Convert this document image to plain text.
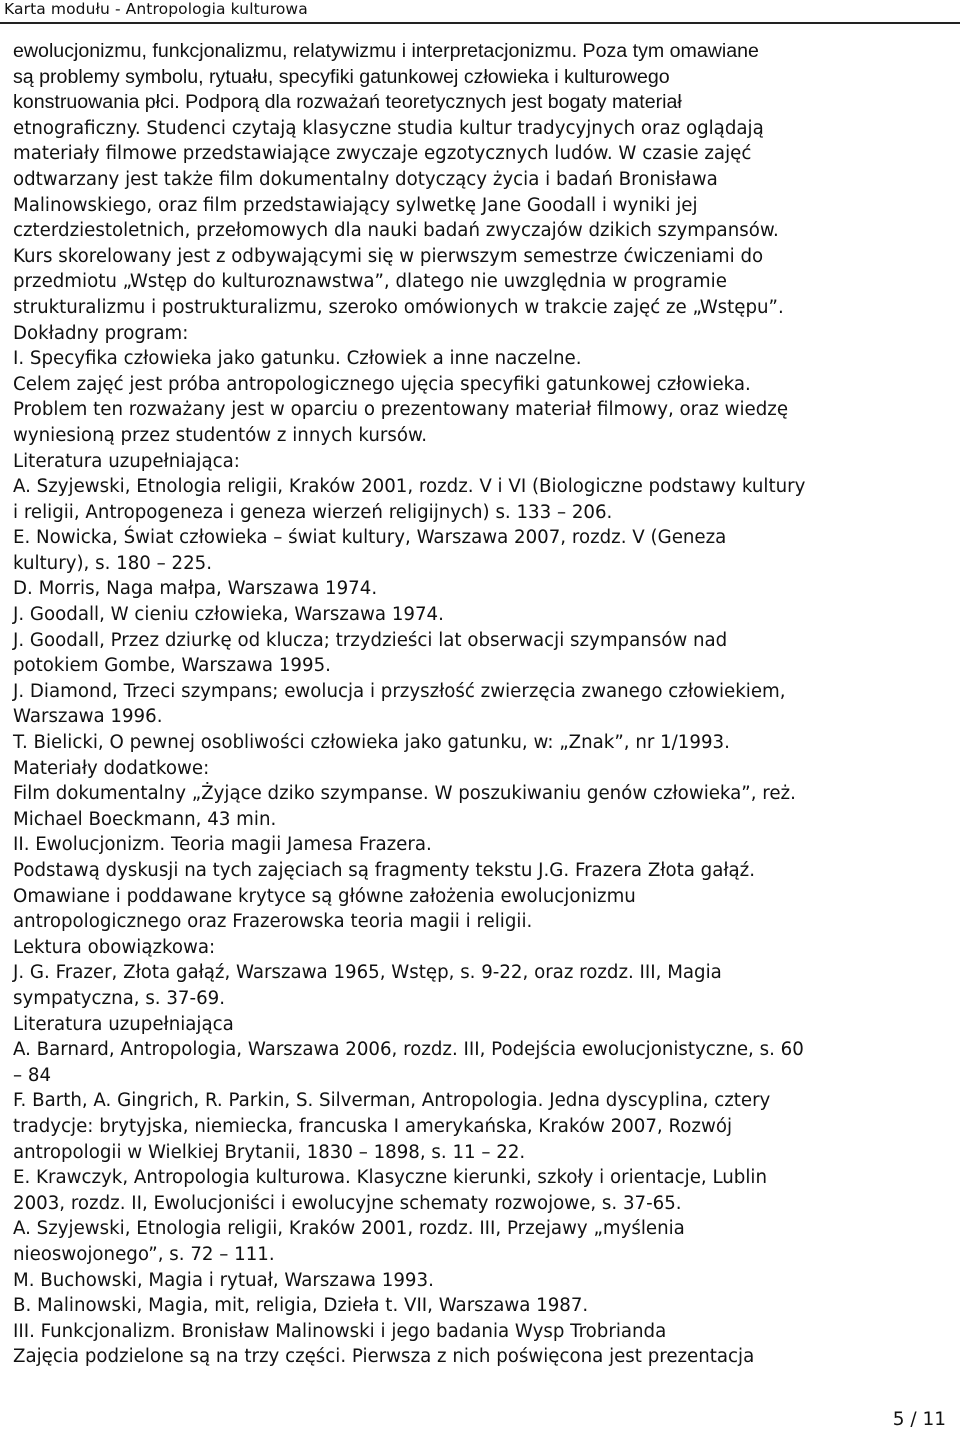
Karta modułu - Antropologia kulturowa
ewolucjonizmu, funkcjonalizmu, relatywizmu i interpretacjonizmu. Poza tym omawiane
są problemy symbolu, rytuału, specyfiki gatunkowej człowieka i kulturowego
konstruowania płci. Podporą dla rozważań teoretycznych jest bogaty materiał
etnograficzny. Studenci czytają klasyczne studia kultur tradycyjnych oraz oglądają
materiały filmowe przedstawiające zwyczaje egzotycznych ludów. W czasie zajęć
odtwarzany jest także film dokumentalny dotyczący życia i badań Bronisława
Malinowskiego, oraz film przedstawiający sylwetkę Jane Goodall i wyniki jej
czterdziestoletnich, przełomowych dla nauki badań zwyczajów dzikich szympansów.
Kurs skorelowany jest z odbywającymi się w pierwszym semestrze ćwiczeniami do
przedmiotu „Wstęp do kulturoznawstwa”, dlatego nie uwzględnia w programie
strukturalizmu i postrukturalizmu, szeroko omówionych w trakcie zajęć ze „Wstępu”.
Dokładny program:
I. Specyfika człowieka jako gatunku. Człowiek a inne naczelne.
Celem zajęć jest próba antropologicznego ujęcia specyfiki gatunkowej człowieka.
Problem ten rozważany jest w oparciu o prezentowany materiał filmowy, oraz wiedzę
wyniesioną przez studentów z innych kursów.
Literatura uzupełniająca:
A. Szyjewski, Etnologia religii, Kraków 2001, rozdz. V i VI (Biologiczne podstawy kultury
i religii, Antropogeneza i geneza wierzeń religijnych) s. 133 – 206.
E. Nowicka, Świat człowieka – świat kultury, Warszawa 2007, rozdz. V (Geneza
kultury), s. 180 – 225.
D. Morris, Naga małpa, Warszawa 1974.
J. Goodall, W cieniu człowieka, Warszawa 1974.
J. Goodall, Przez dziurkę od klucza; trzydzieści lat obserwacji szympansów nad
potokiem Gombe, Warszawa 1995.
J. Diamond, Trzeci szympans; ewolucja i przyszłość zwierzęcia zwanego człowiekiem,
Warszawa 1996.
T. Bielicki, O pewnej osobliwości człowieka jako gatunku, w: „Znak”, nr 1/1993.
Materiały dodatkowe:
Film dokumentalny „Żyjące dziko szympanse. W poszukiwaniu genów człowieka”, reż.
Michael Boeckmann, 43 min.
II. Ewolucjonizm. Teoria magii Jamesa Frazera.
Podstawą dyskusji na tych zajęciach są fragmenty tekstu J.G. Frazera Złota gałąź.
Omawiane i poddawane krytyce są główne założenia ewolucjonizmu
antropologicznego oraz Frazerowska teoria magii i religii.
Lektura obowiązkowa:
J. G. Frazer, Złota gałąź, Warszawa 1965, Wstęp, s. 9-22, oraz rozdz. III, Magia
sympatyczna, s. 37-69.
Literatura uzupełniająca
A. Barnard, Antropologia, Warszawa 2006, rozdz. III, Podejścia ewolucjonistyczne, s. 60
– 84
F. Barth, A. Gingrich, R. Parkin, S. Silverman, Antropologia. Jedna dyscyplina, cztery
tradycje: brytyjska, niemiecka, francuska I amerykańska, Kraków 2007, Rozwój
antropologii w Wielkiej Brytanii, 1830 – 1898, s. 11 – 22.
E. Krawczyk, Antropologia kulturowa. Klasyczne kierunki, szkoły i orientacje, Lublin
2003, rozdz. II, Ewolucjoniści i ewolucyjne schematy rozwojowe, s. 37-65.
A. Szyjewski, Etnologia religii, Kraków 2001, rozdz. III, Przejawy „myślenia
nieoswojonego”, s. 72 – 111.
M. Buchowski, Magia i rytuał, Warszawa 1993.
B. Malinowski, Magia, mit, religia, Dzieła t. VII, Warszawa 1987.
III. Funkcjonalizm. Bronisław Malinowski i jego badania Wysp Trobrianda
Zajęcia podzielone są na trzy części. Pierwsza z nich poświęcona jest prezentacja
5 / 11
